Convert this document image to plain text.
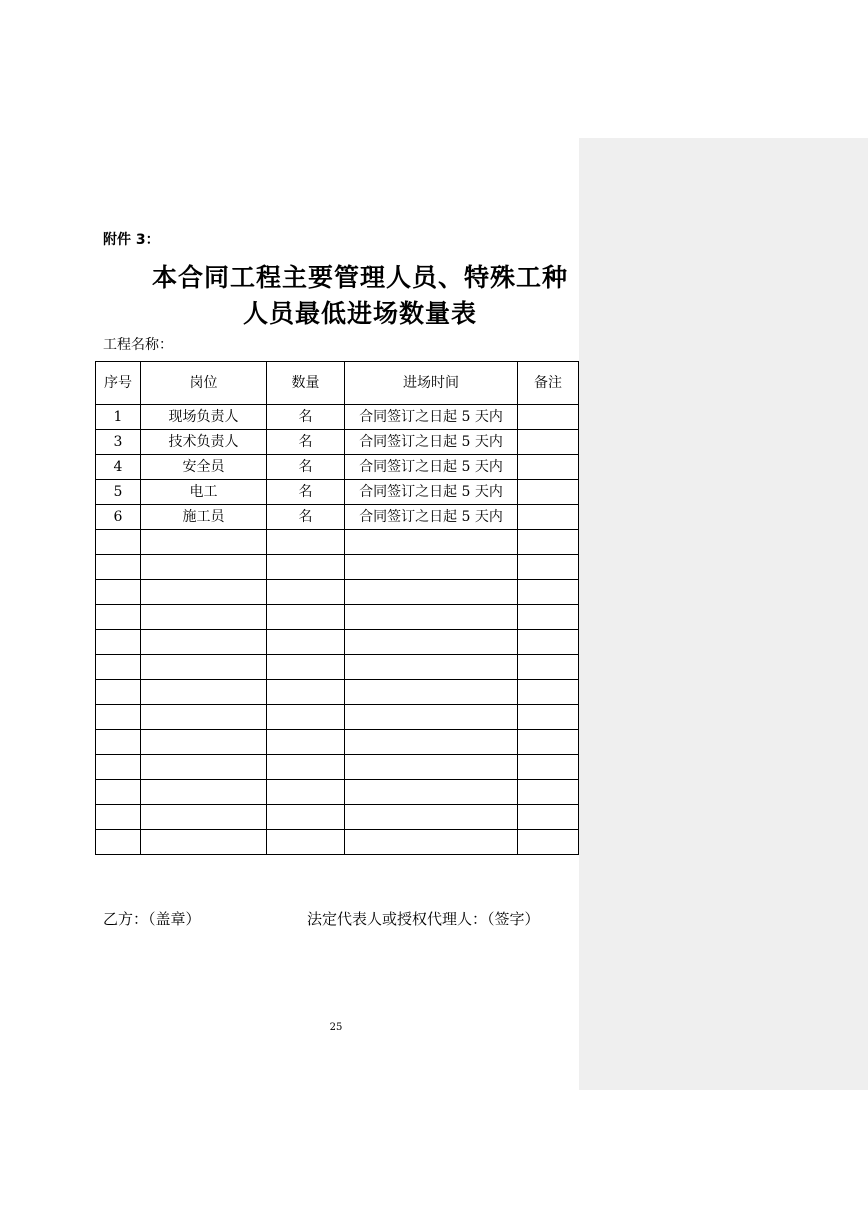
附件 3：
本合同工程主要管理人员、特殊工种
人员最低进场数量表
工程名称：
序号	岗位	数量	进场时间	备注
1	现场负责人	名	合同签订之日起 5 天内	
3	技术负责人	名	合同签订之日起 5 天内	
4	安全员	名	合同签订之日起 5 天内	
5	电工	名	合同签订之日起 5 天内	
6	施工员	名	合同签订之日起 5 天内	

乙方：（盖章）	法定代表人或授权代理人：（签字）
25
